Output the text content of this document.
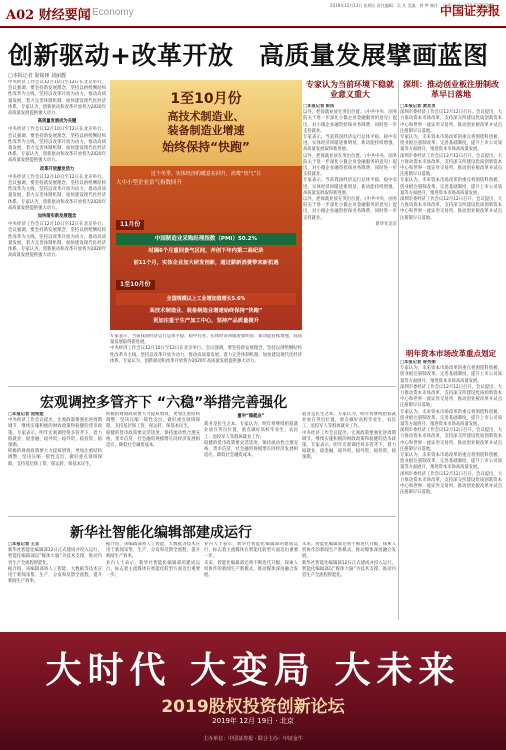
A02 财经要闻 Economy
2019年12月13日 星期五 责任编辑：吴 凡 美编：曾 梦 制作：王 敬 电话：010-83251808
中国证券报
创新驱动+改革开放　高质量发展擘画蓝图
□本报记者 倪铭娅 刘丽靓

中央经济工作会议12月10日至12日在北京举行。会议强调，要坚持新发展理念，坚持以供给侧结构性改革为主线，坚持以改革开放为动力，推动高质量发展，着力完善体制机制，加快建设现代化经济体系。专家认为，创新驱动和改革开放将为2020年高质量发展提供强大动力。

高质量发展成为关键

中央经济工作会议12月10日至12日在北京举行。会议强调，要坚持新发展理念，坚持以供给侧结构性改革为主线，坚持以改革开放为动力，推动高质量发展，着力完善体制机制，加快建设现代化经济体系。专家认为，创新驱动和改革开放将为2020年高质量发展提供强大动力。

改革开放激发活力

中央经济工作会议12月10日至12日在北京举行。会议强调，要坚持新发展理念，坚持以供给侧结构性改革为主线，坚持以改革开放为动力，推动高质量发展，着力完善体制机制，加快建设现代化经济体系。专家认为，创新驱动和改革开放将为2020年高质量发展提供强大动力。

加快落实新发展理念

中央经济工作会议12月10日至12日在北京举行。会议强调，要坚持新发展理念，坚持以供给侧结构性改革为主线，坚持以改革开放为动力，推动高质量发展，着力完善体制机制，加快建设现代化经济体系。专家认为，创新驱动和改革开放将为2020年高质量发展提供强大动力。

1至10月份
高技术制造业、
装备制造业增速
始终保持“快跑”
这个冬季，实体经济的暖意在回升，消费“热气”让
大中小型企业景气指数回升
11月份
中国制造业采购经理指数（PMI）50.2%
时隔6个月重回景气区间，并创下年内第二高纪录
前11个月，实体企业加大研发创新，通过薪新消费带来新机遇
1至10月份
全国规模以上工业增加值增长5.6%
高技术制造业、装备制造业增速始终保持“快跑”
更加注重于生产加工中心，坚持产品质量提升
专家认为当前环境下稳就业意义重大

□本报记者 彭扬

以外，把保就业放在突出位置。《中共中央、国务院关于进一步深化小微企业金融服务的意见》提出，对小微企业融资担保业务降费，同时进一步支持就业。

专家表示，当前我国经济运行总体平稳，稳中有进。实体经济回暖迹象明显，新动能持续增强，高质量发展取得新进展。

以外，把保就业放在突出位置。《中共中央、国务院关于进一步深化小微企业金融服务的意见》提出，对小微企业融资担保业务降费，同时进一步支持就业。

专家表示，当前我国经济运行总体平稳，稳中有进。实体经济回暖迹象明显，新动能持续增强，高质量发展取得新进展。

以外，把保就业放在突出位置。《中共中央、国务院关于进一步深化小微企业金融服务的意见》提出，对小微企业融资担保业务降费，同时进一步支持就业。

新华社北京

深圳：推动创业板注册制改革早日落地

□本报记者 黄灵灵

深圳市委经济工作会议12月12日召开。会议提出，大力推动资本市场改革，支持深交所建设优质创新资本中心和世界一流证券交易所，推动创业板改革并试点注册制早日落地。

专家认为，未来资本市场改革的重点将围绕科创板、创业板注册制改革，完善基础制度，提升上市公司质量等方面展开，推进资本市场高质量发展。

深圳市委经济工作会议12月12日召开。会议提出，大力推动资本市场改革，支持深交所建设优质创新资本中心和世界一流证券交易所，推动创业板改革并试点注册制早日落地。

专家认为，未来资本市场改革的重点将围绕科创板、创业板注册制改革，完善基础制度，提升上市公司质量等方面展开，推进资本市场高质量发展。

深圳市委经济工作会议12月12日召开。会议提出，大力推动资本市场改革，支持深交所建设优质创新资本中心和世界一流证券交易所，推动创业板改革并试点注册制早日落地。

明年资本市场改革重点划定

□本报记者 昝秀丽

专家认为，未来资本市场改革的重点将围绕科创板、创业板注册制改革，完善基础制度，提升上市公司质量等方面展开，推进资本市场高质量发展。

深圳市委经济工作会议12月12日召开。会议提出，大力推动资本市场改革，支持深交所建设优质创新资本中心和世界一流证券交易所，推动创业板改革并试点注册制早日落地。

专家认为，未来资本市场改革的重点将围绕科创板、创业板注册制改革，完善基础制度，提升上市公司质量等方面展开，推进资本市场高质量发展。

深圳市委经济工作会议12月12日召开。会议提出，大力推动资本市场改革，支持深交所建设优质创新资本中心和世界一流证券交易所，推动创业板改革并试点注册制早日落地。

专家认为，未来资本市场改革的重点将围绕科创板、创业板注册制改革，完善基础制度，提升上市公司质量等方面展开，推进资本市场高质量发展。

深圳市委经济工作会议12月12日召开。会议提出，大力推动资本市场改革，支持深交所建设优质创新资本中心和世界一流证券交易所，推动创业板改革并试点注册制早日落地。

专家表示，当前我国经济运行总体平稳，稳中有进。实体经济回暖迹象明显，新动能持续增强，高质量发展取得新进展。

中央经济工作会议12月10日至12日在北京举行。会议强调，要坚持新发展理念，坚持以供给侧结构性改革为主线，坚持以改革开放为动力，推动高质量发展，着力完善体制机制，加快建设现代化经济体系。专家认为，创新驱动和改革开放将为2020年高质量发展提供强大动力。

宏观调控多管齐下 “六稳”举措完善强化

□本报记者 倪铭娅

中央经济工作会议提出，宏观政策要强化逆周期调节，继续实施积极的财政政策和稳健的货币政策。专家表示，明年宏观调控将多管齐下，着力稳就业、稳金融、稳外贸、稳外资、稳投资、稳预期。

积极的财政政策要大力提质增效，更加注重结构调整，坚决压缩一般性支出，做好重点领域保障，支持基层保工资、保运转、保基本民生。

积极的财政政策要大力提质增效，更加注重结构调整，坚决压缩一般性支出，做好重点领域保障，支持基层保工资、保运转、保基本民生。

稳健的货币政策要灵活适度，保持流动性合理充裕，货币信贷、社会融资规模增长同经济发展相适应，降低社会融资成本。

重申“稳就业”

就业是民生之本。专家认为，明年将继续把稳就业放在突出位置，重点做好高校毕业生、农民工、退役军人等群体就业工作。

稳健的货币政策要灵活适度，保持流动性合理充裕，货币信贷、社会融资规模增长同经济发展相适应，降低社会融资成本。

就业是民生之本。专家认为，明年将继续把稳就业放在突出位置，重点做好高校毕业生、农民工、退役军人等群体就业工作。

中央经济工作会议提出，宏观政策要强化逆周期调节，继续实施积极的财政政策和稳健的货币政策。专家表示，明年宏观调控将多管齐下，着力稳就业、稳金融、稳外贸、稳外资、稳投资、稳预期。

新华社智能化编辑部建成运行

□本报记者 王言

新华社智能化编辑部12日正式建成并投入运行。智能化编辑部以“媒体大脑”为技术支撑，推动内容生产全流程智能化。

据介绍，该编辑部将人工智能、大数据等技术应用于新闻采集、生产、分发和反馈全流程，提升新闻生产效率。

据介绍，该编辑部将人工智能、大数据等技术应用于新闻采集、生产、分发和反馈全流程，提升新闻生产效率。

业内人士表示，新华社智能化编辑部的建成运行，标志着主流媒体在智能化转型方面迈出重要一步。

业内人士表示，新华社智能化编辑部的建成运行，标志着主流媒体在智能化转型方面迈出重要一步。

未来，智能化编辑部还将不断迭代升级，探索人机协作的新闻生产新模式，推动媒体深度融合发展。

未来，智能化编辑部还将不断迭代升级，探索人机协作的新闻生产新模式，推动媒体深度融合发展。

新华社智能化编辑部12日正式建成并投入运行。智能化编辑部以“媒体大脑”为技术支撑，推动内容生产全流程智能化。

大时代 大变局 大未来
2019股权投资创新论坛
2019年 12月 19日 · 北京
主办单位：中国证券报 · 联合主办：中证金牛
